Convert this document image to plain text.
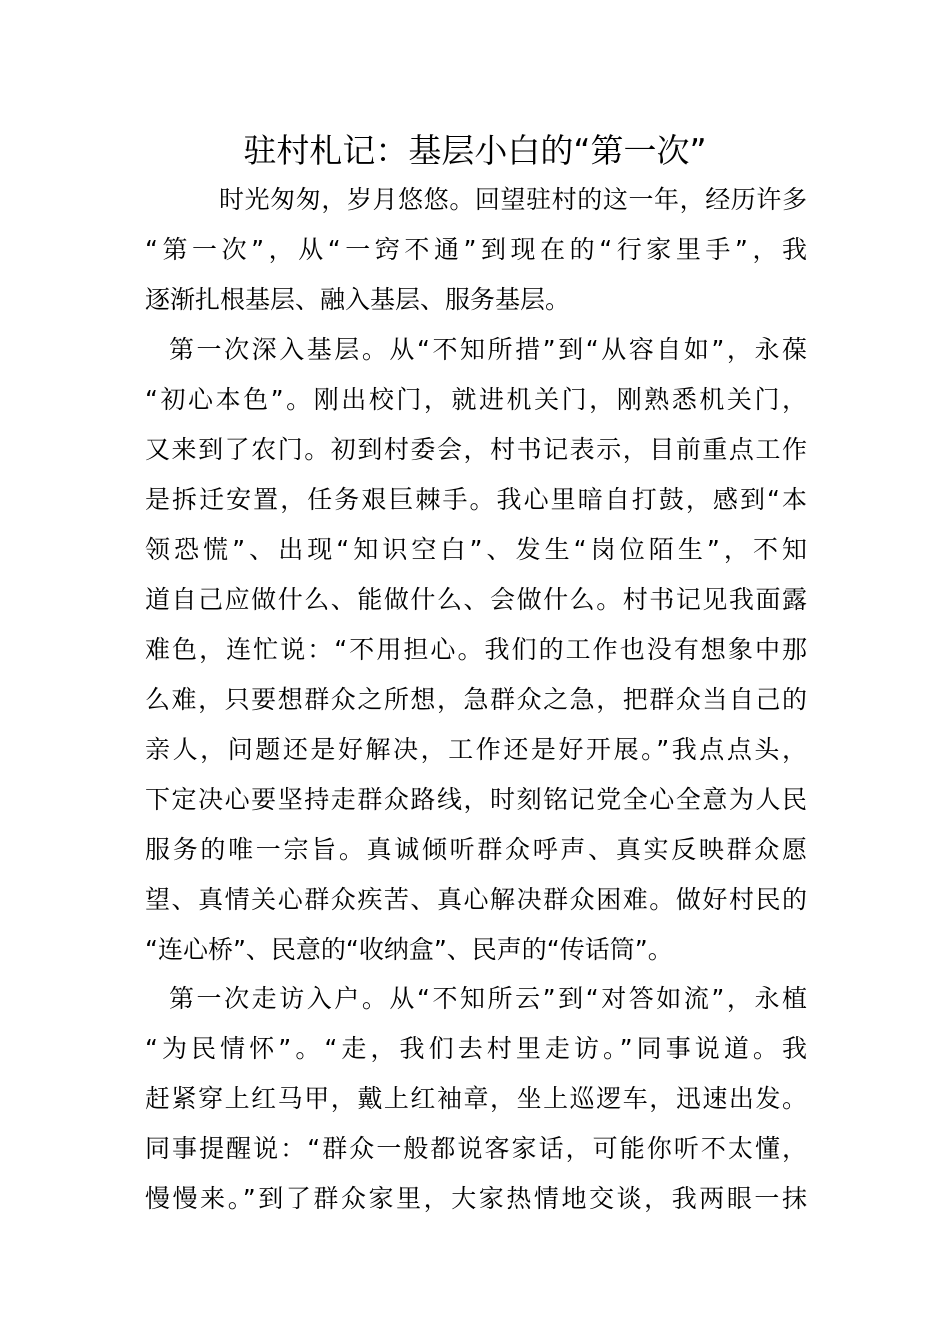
驻村札记：基层小白的“第一次”

时光匆匆，岁月悠悠。回望驻村的这一年，经历许多

“第一次”，从“一窍不通”到现在的“行家里手”，我

逐渐扎根基层、融入基层、服务基层。

第一次深入基层。从“不知所措”到“从容自如”，永葆

“初心本色”。刚出校门，就进机关门，刚熟悉机关门，

又来到了农门。初到村委会，村书记表示，目前重点工作

是拆迁安置，任务艰巨棘手。我心里暗自打鼓，感到“本

领恐慌”、出现“知识空白”、发生“岗位陌生”，不知

道自己应做什么、能做什么、会做什么。村书记见我面露

难色，连忙说：“不用担心。我们的工作也没有想象中那

么难，只要想群众之所想，急群众之急，把群众当自己的

亲人，问题还是好解决，工作还是好开展。”我点点头，

下定决心要坚持走群众路线，时刻铭记党全心全意为人民

服务的唯一宗旨。真诚倾听群众呼声、真实反映群众愿

望、真情关心群众疾苦、真心解决群众困难。做好村民的

“连心桥”、民意的“收纳盒”、民声的“传话筒”。

第一次走访入户。从“不知所云”到“对答如流”，永植

“为民情怀”。“走，我们去村里走访。”同事说道。我

赶紧穿上红马甲，戴上红袖章，坐上巡逻车，迅速出发。

同事提醒说：“群众一般都说客家话，可能你听不太懂，

慢慢来。”到了群众家里，大家热情地交谈，我两眼一抹
